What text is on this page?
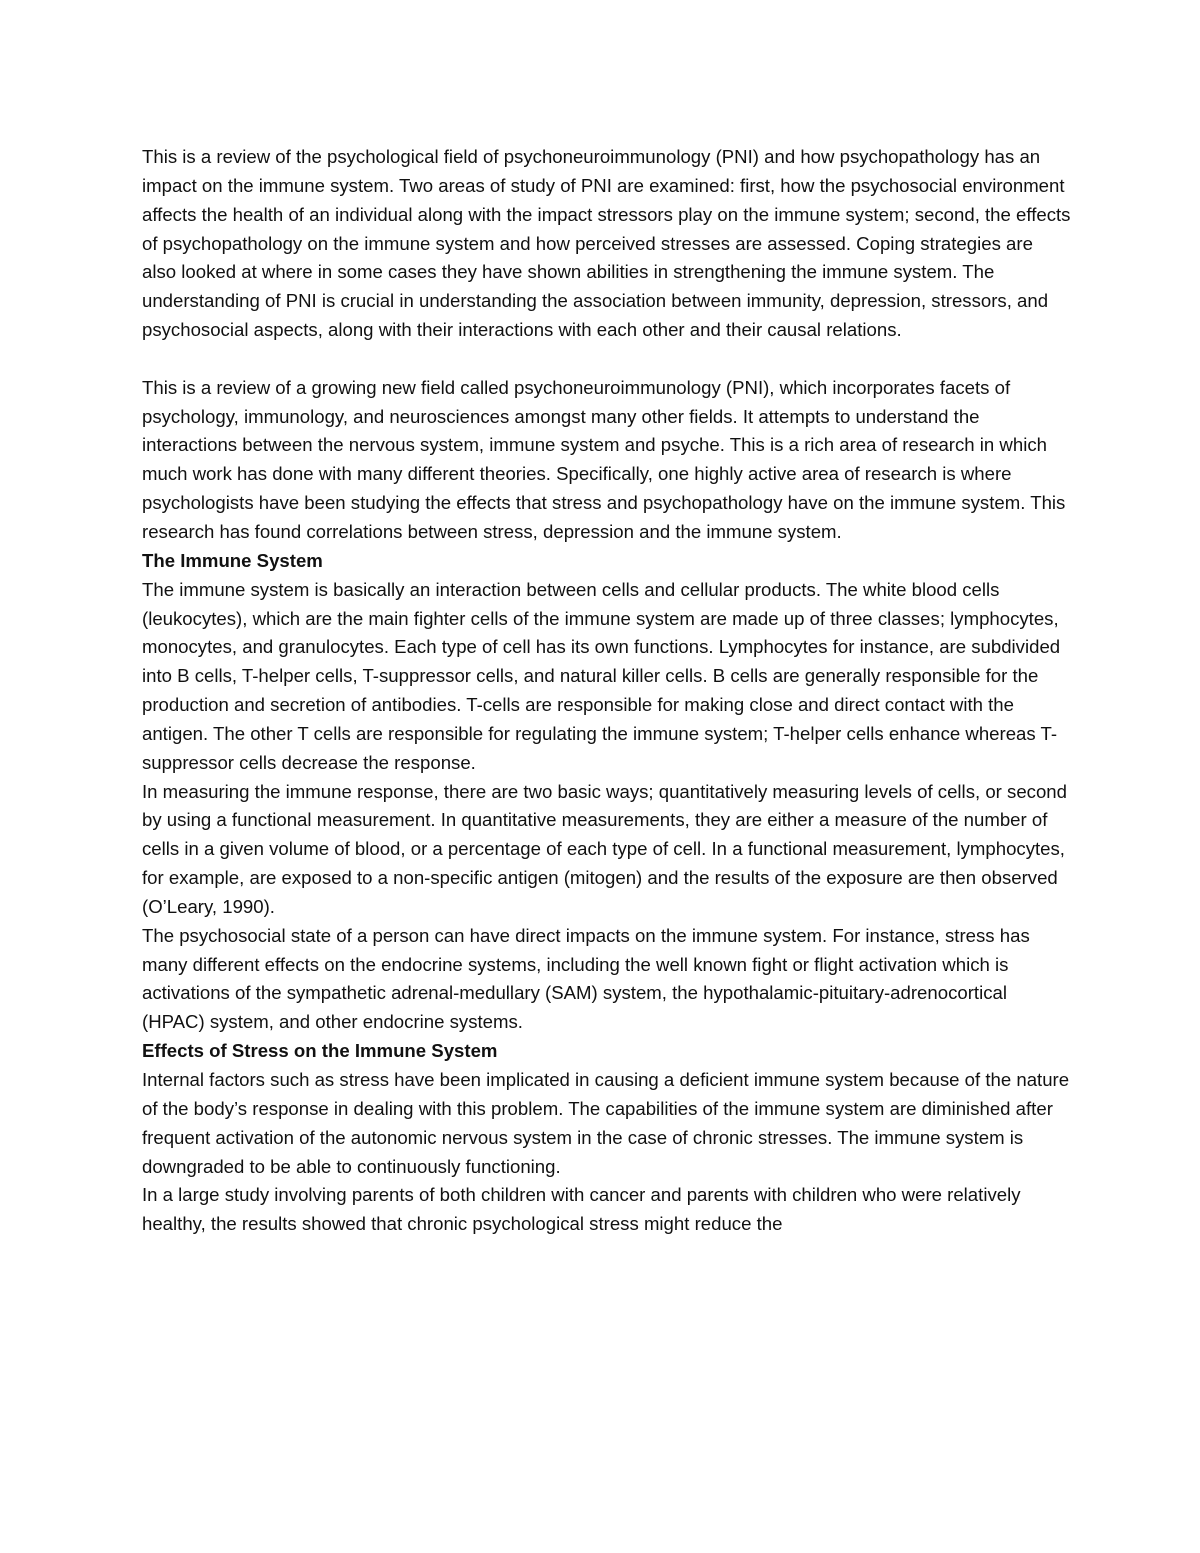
This is a review of the psychological field of psychoneuroimmunology (PNI) and how psychopathology has an impact on the immune system. Two areas of study of PNI are examined: first, how the psychosocial environment affects the health of an individual along with the impact stressors play on the immune system; second, the effects of psychopathology on the immune system and how perceived stresses are assessed. Coping strategies are also looked at where in some cases they have shown abilities in strengthening the immune system. The understanding of PNI is crucial in understanding the association between immunity, depression, stressors, and psychosocial aspects, along with their interactions with each other and their causal relations.

This is a review of a growing new field called psychoneuroimmunology (PNI), which incorporates facets of psychology, immunology, and neurosciences amongst many other fields. It attempts to understand the interactions between the nervous system, immune system and psyche. This is a rich area of research in which much work has done with many different theories. Specifically, one highly active area of research is where psychologists have been studying the effects that stress and psychopathology have on the immune system. This research has found correlations between stress, depression and the immune system.

The Immune System

The immune system is basically an interaction between cells and cellular products. The white blood cells (leukocytes), which are the main fighter cells of the immune system are made up of three classes; lymphocytes, monocytes, and granulocytes. Each type of cell has its own functions. Lymphocytes for instance, are subdivided into B cells, T-helper cells, T-suppressor cells, and natural killer cells. B cells are generally responsible for the production and secretion of antibodies. T-cells are responsible for making close and direct contact with the antigen. The other T cells are responsible for regulating the immune system; T-helper cells enhance whereas T-suppressor cells decrease the response.

In measuring the immune response, there are two basic ways; quantitatively measuring levels of cells, or second by using a functional measurement. In quantitative measurements, they are either a measure of the number of cells in a given volume of blood, or a percentage of each type of cell. In a functional measurement, lymphocytes, for example, are exposed to a non-specific antigen (mitogen) and the results of the exposure are then observed (O’Leary, 1990).

The psychosocial state of a person can have direct impacts on the immune system. For instance, stress has many different effects on the endocrine systems, including the well known fight or flight activation which is activations of the sympathetic adrenal-medullary (SAM) system, the hypothalamic-pituitary-adrenocortical (HPAC) system, and other endocrine systems.

Effects of Stress on the Immune System

Internal factors such as stress have been implicated in causing a deficient immune system because of the nature of the body’s response in dealing with this problem. The capabilities of the immune system are diminished after frequent activation of the autonomic nervous system in the case of chronic stresses. The immune system is downgraded to be able to continuously functioning.

In a large study involving parents of both children with cancer and parents with children who were relatively healthy, the results showed that chronic psychological stress might reduce the
